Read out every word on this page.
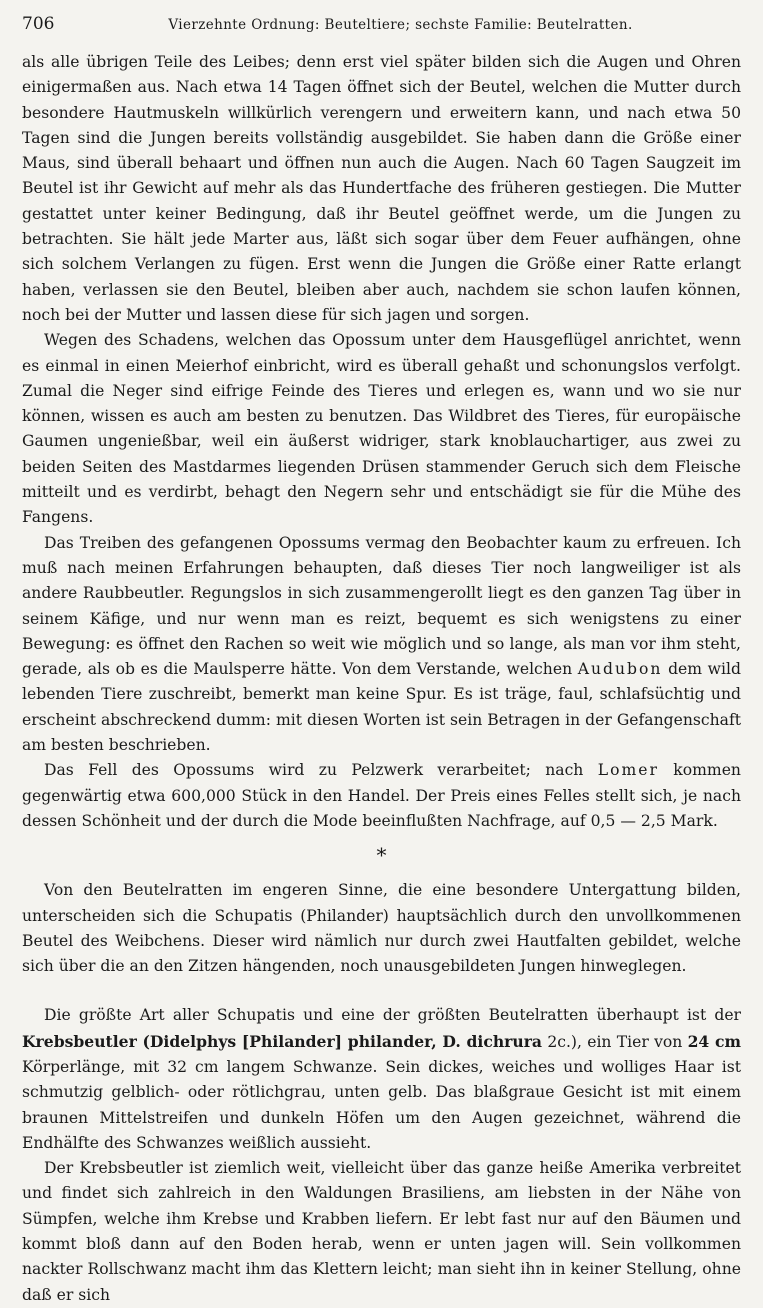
706	Vierzehnte Ordnung: Beuteltiere; sechste Familie: Beutelratten.

als alle übrigen Teile des Leibes; denn erst viel später bilden sich die Augen und Ohren einigermaßen aus. Nach etwa 14 Tagen öffnet sich der Beutel, welchen die Mutter durch besondere Hautmuskeln willkürlich verengern und erweitern kann, und nach etwa 50 Tagen sind die Jungen bereits vollständig ausgebildet. Sie haben dann die Größe einer Maus, sind überall behaart und öffnen nun auch die Augen. Nach 60 Tagen Saugzeit im Beutel ist ihr Gewicht auf mehr als das Hundertfache des früheren gestiegen. Die Mutter gestattet unter keiner Bedingung, daß ihr Beutel geöffnet werde, um die Jungen zu betrachten. Sie hält jede Marter aus, läßt sich sogar über dem Feuer aufhängen, ohne sich solchem Verlangen zu fügen. Erst wenn die Jungen die Größe einer Ratte erlangt haben, verlassen sie den Beutel, bleiben aber auch, nachdem sie schon laufen können, noch bei der Mutter und lassen diese für sich jagen und sorgen.

Wegen des Schadens, welchen das Opossum unter dem Hausgeflügel anrichtet, wenn es einmal in einen Meierhof einbricht, wird es überall gehaßt und schonungslos verfolgt. Zumal die Neger sind eifrige Feinde des Tieres und erlegen es, wann und wo sie nur können, wissen es auch am besten zu benutzen. Das Wildbret des Tieres, für europäische Gaumen ungenießbar, weil ein äußerst widriger, stark knoblauchartiger, aus zwei zu beiden Seiten des Mastdarmes liegenden Drüsen stammender Geruch sich dem Fleische mitteilt und es verdirbt, behagt den Negern sehr und entschädigt sie für die Mühe des Fangens.

Das Treiben des gefangenen Opossums vermag den Beobachter kaum zu erfreuen. Ich muß nach meinen Erfahrungen behaupten, daß dieses Tier noch langweiliger ist als andere Raubbeutler. Regungslos in sich zusammengerollt liegt es den ganzen Tag über in seinem Käfige, und nur wenn man es reizt, bequemt es sich wenigstens zu einer Bewegung: es öffnet den Rachen so weit wie möglich und so lange, als man vor ihm steht, gerade, als ob es die Maulsperre hätte. Von dem Verstande, welchen Audubon dem wild lebenden Tiere zuschreibt, bemerkt man keine Spur. Es ist träge, faul, schlafsüchtig und erscheint abschreckend dumm: mit diesen Worten ist sein Betragen in der Gefangenschaft am besten beschrieben.

Das Fell des Opossums wird zu Pelzwerk verarbeitet; nach Lomer kommen gegenwärtig etwa 600,000 Stück in den Handel. Der Preis eines Felles stellt sich, je nach dessen Schönheit und der durch die Mode beeinflußten Nachfrage, auf 0,5 — 2,5 Mark.

*

Von den Beutelratten im engeren Sinne, die eine besondere Untergattung bilden, unterscheiden sich die Schupatis (Philander) hauptsächlich durch den unvollkommenen Beutel des Weibchens. Dieser wird nämlich nur durch zwei Hautfalten gebildet, welche sich über die an den Zitzen hängenden, noch unausgebildeten Jungen hinweglegen.

Die größte Art aller Schupatis und eine der größten Beutelratten überhaupt ist der Krebsbeutler (Didelphys [Philander] philander, D. dichrura 2c.), ein Tier von 24 cm Körperlänge, mit 32 cm langem Schwanze. Sein dickes, weiches und wolliges Haar ist schmutzig gelblich- oder rötlichgrau, unten gelb. Das blaßgraue Gesicht ist mit einem braunen Mittelstreifen und dunkeln Höfen um den Augen gezeichnet, während die Endhälfte des Schwanzes weißlich aussieht.

Der Krebsbeutler ist ziemlich weit, vielleicht über das ganze heiße Amerika verbreitet und findet sich zahlreich in den Waldungen Brasiliens, am liebsten in der Nähe von Sümpfen, welche ihm Krebse und Krabben liefern. Er lebt fast nur auf den Bäumen und kommt bloß dann auf den Boden herab, wenn er unten jagen will. Sein vollkommen nackter Rollschwanz macht ihm das Klettern leicht; man sieht ihn in keiner Stellung, ohne daß er sich
